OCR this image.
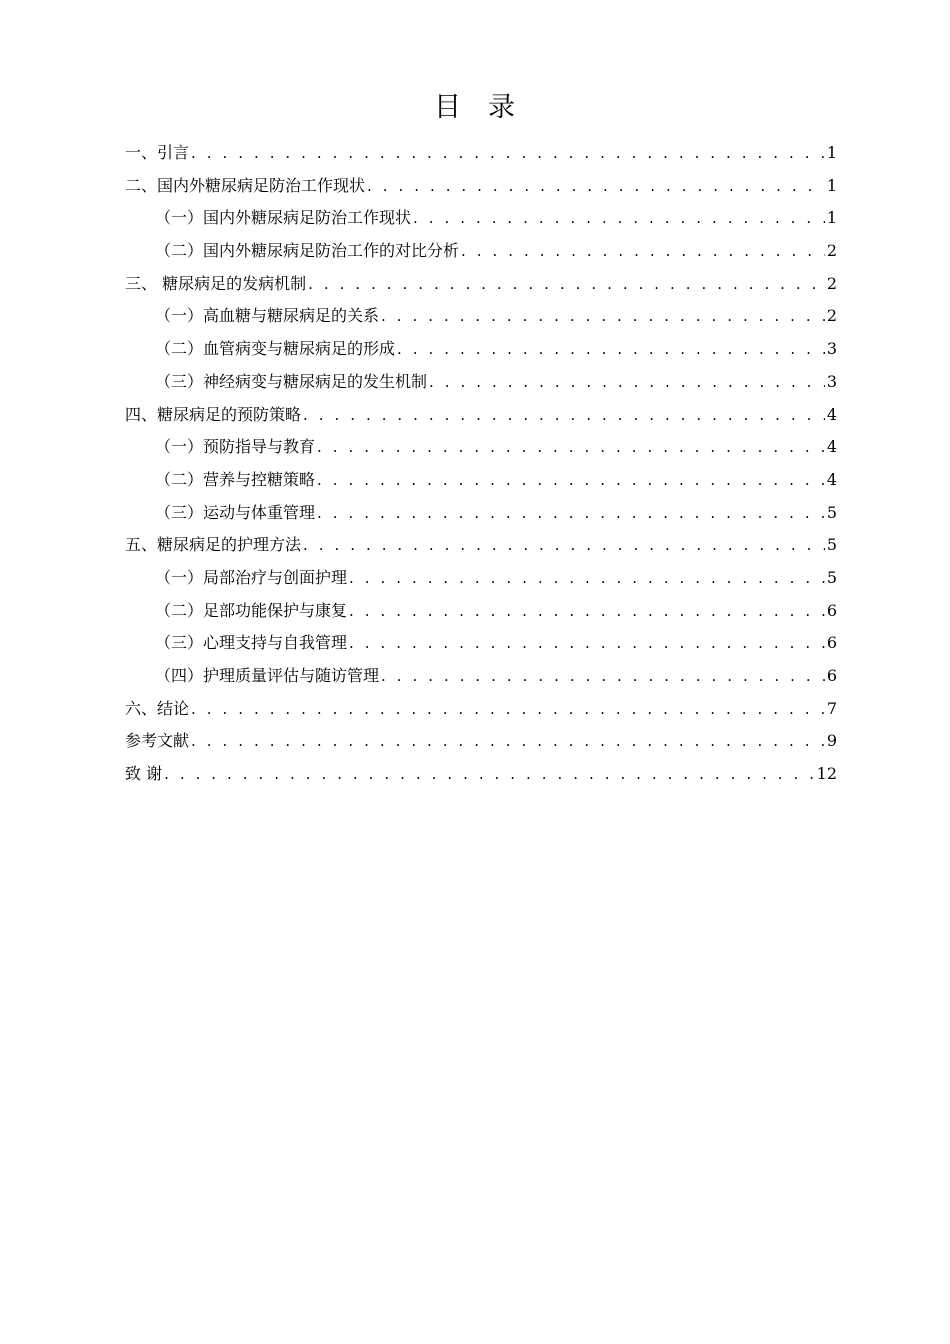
目 录
一、引言 . . .	1
二、国内外糖尿病足防治工作现状 . . .	1
（一）国内外糖尿病足防治工作现状 . . .	1
（二）国内外糖尿病足防治工作的对比分析 . . .	2
三、 糖尿病足的发病机制 . . .	2
（一）高血糖与糖尿病足的关系 . . .	2
（二）血管病变与糖尿病足的形成 . . .	3
（三）神经病变与糖尿病足的发生机制 . . .	3
四、糖尿病足的预防策略 . . .	4
（一）预防指导与教育 . . .	4
（二）营养与控糖策略 . . .	4
（三）运动与体重管理 . . .	5
五、糖尿病足的护理方法 . . .	5
（一）局部治疗与创面护理 . . .	5
（二）足部功能保护与康复 . . .	6
（三）心理支持与自我管理 . . .	6
（四）护理质量评估与随访管理 . . .	6
六、结论 . . .	7
参考文献 . . .	9
致 谢 . . .	12
